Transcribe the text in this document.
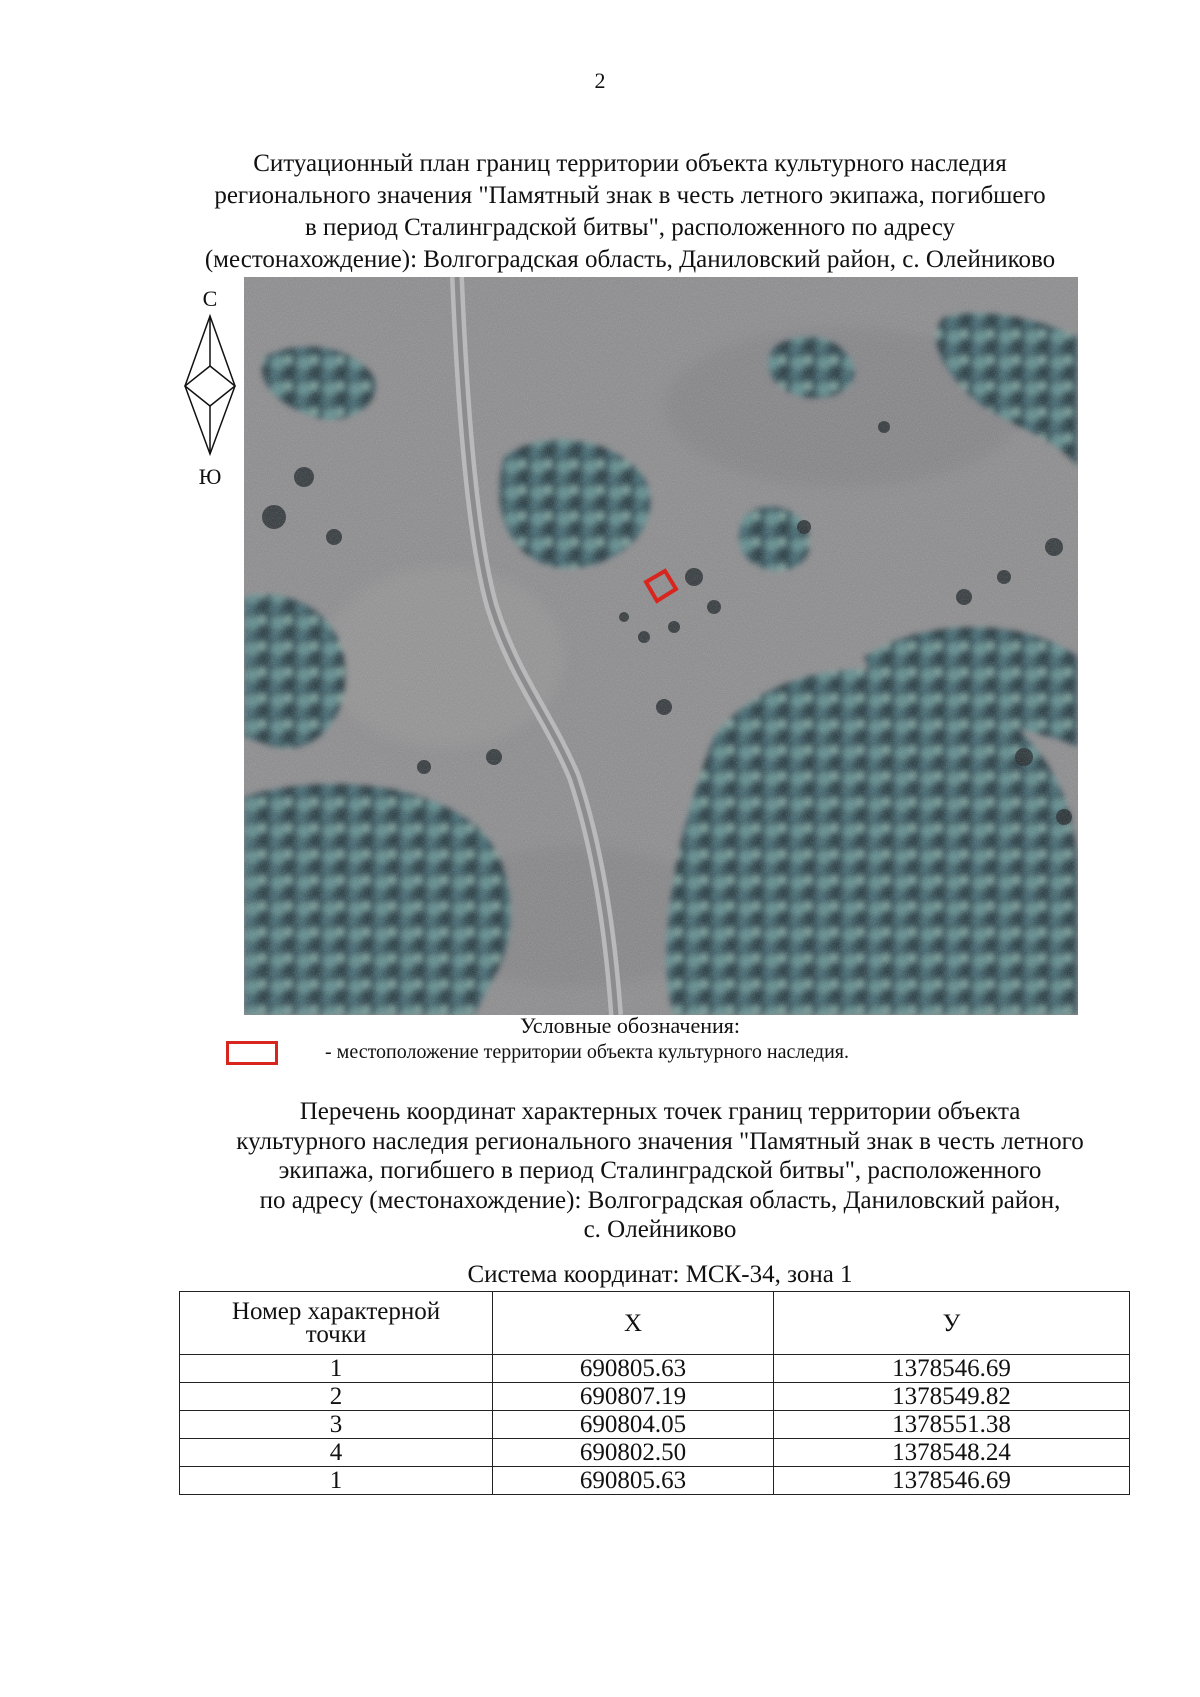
2
Ситуационный план границ территории объекта культурного наследия
регионального значения "Памятный знак в честь летного экипажа, погибшего
в период Сталинградской битвы", расположенного по адресу
(местонахождение): Волгоградская область, Даниловский район, с. Олейниково
С
Ю
Условные обозначения:
- местоположение территории объекта культурного наследия.
Перечень координат характерных точек границ территории объекта
культурного наследия регионального значения "Памятный знак в честь летного
экипажа, погибшего в период Сталинградской битвы", расположенного
по адресу (местонахождение): Волгоградская область, Даниловский район,
с. Олейниково
Система координат: МСК-34, зона 1
Номер характерной
точки	X	У
1	690805.63	1378546.69
2	690807.19	1378549.82
3	690804.05	1378551.38
4	690802.50	1378548.24
1	690805.63	1378546.69
